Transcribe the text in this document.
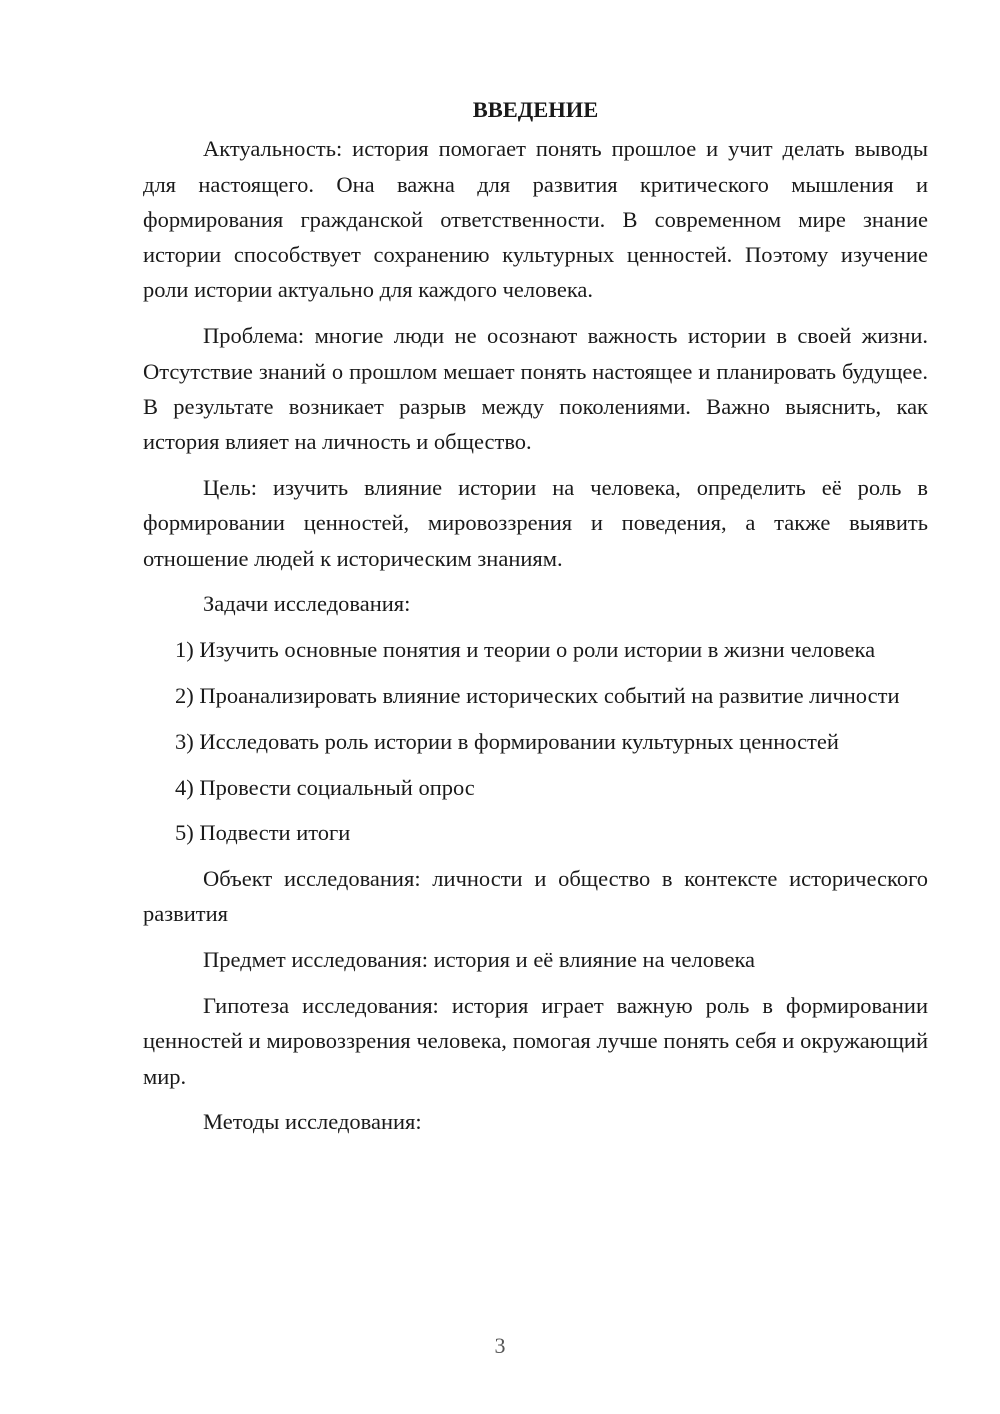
ВВЕДЕНИЕ

Актуальность: история помогает понять прошлое и учит делать выводы для настоящего. Она важна для развития критического мышления и формирования гражданской ответственности. В современном мире знание истории способствует сохранению культурных ценностей. Поэтому изучение роли истории актуально для каждого человека.

Проблема: многие люди не осознают важность истории в своей жизни. Отсутствие знаний о прошлом мешает понять настоящее и планировать будущее. В результате возникает разрыв между поколениями. Важно выяснить, как история влияет на личность и общество.

Цель: изучить влияние истории на человека, определить её роль в формировании ценностей, мировоззрения и поведения, а также выявить отношение людей к историческим знаниям.

Задачи исследования:

1) Изучить основные понятия и теории о роли истории в жизни человека

2) Проанализировать влияние исторических событий на развитие личности

3) Исследовать роль истории в формировании культурных ценностей

4) Провести социальный опрос

5) Подвести итоги

Объект исследования: личности и общество в контексте исторического развития

Предмет исследования: история и её влияние на человека

Гипотеза исследования: история играет важную роль в формировании ценностей и мировоззрения человека, помогая лучше понять себя и окружающий мир.

Методы исследования:

3
